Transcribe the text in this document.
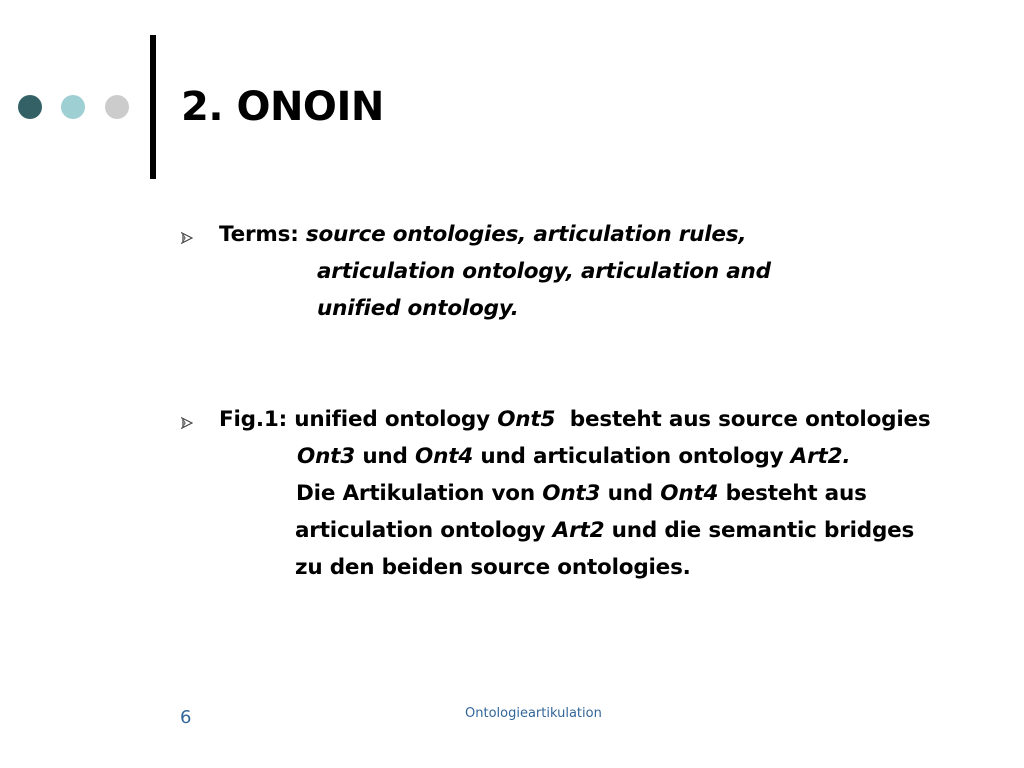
2. ONOIN
Terms: source ontologies, articulation rules,
articulation ontology, articulation and
unified ontology.
Fig.1: unified ontology Ont5  besteht aus source ontologies
Ont3 und Ont4 und articulation ontology Art2.
Die Artikulation von Ont3 und Ont4 besteht aus
articulation ontology Art2 und die semantic bridges
zu den beiden source ontologies.
6	Ontologieartikulation
